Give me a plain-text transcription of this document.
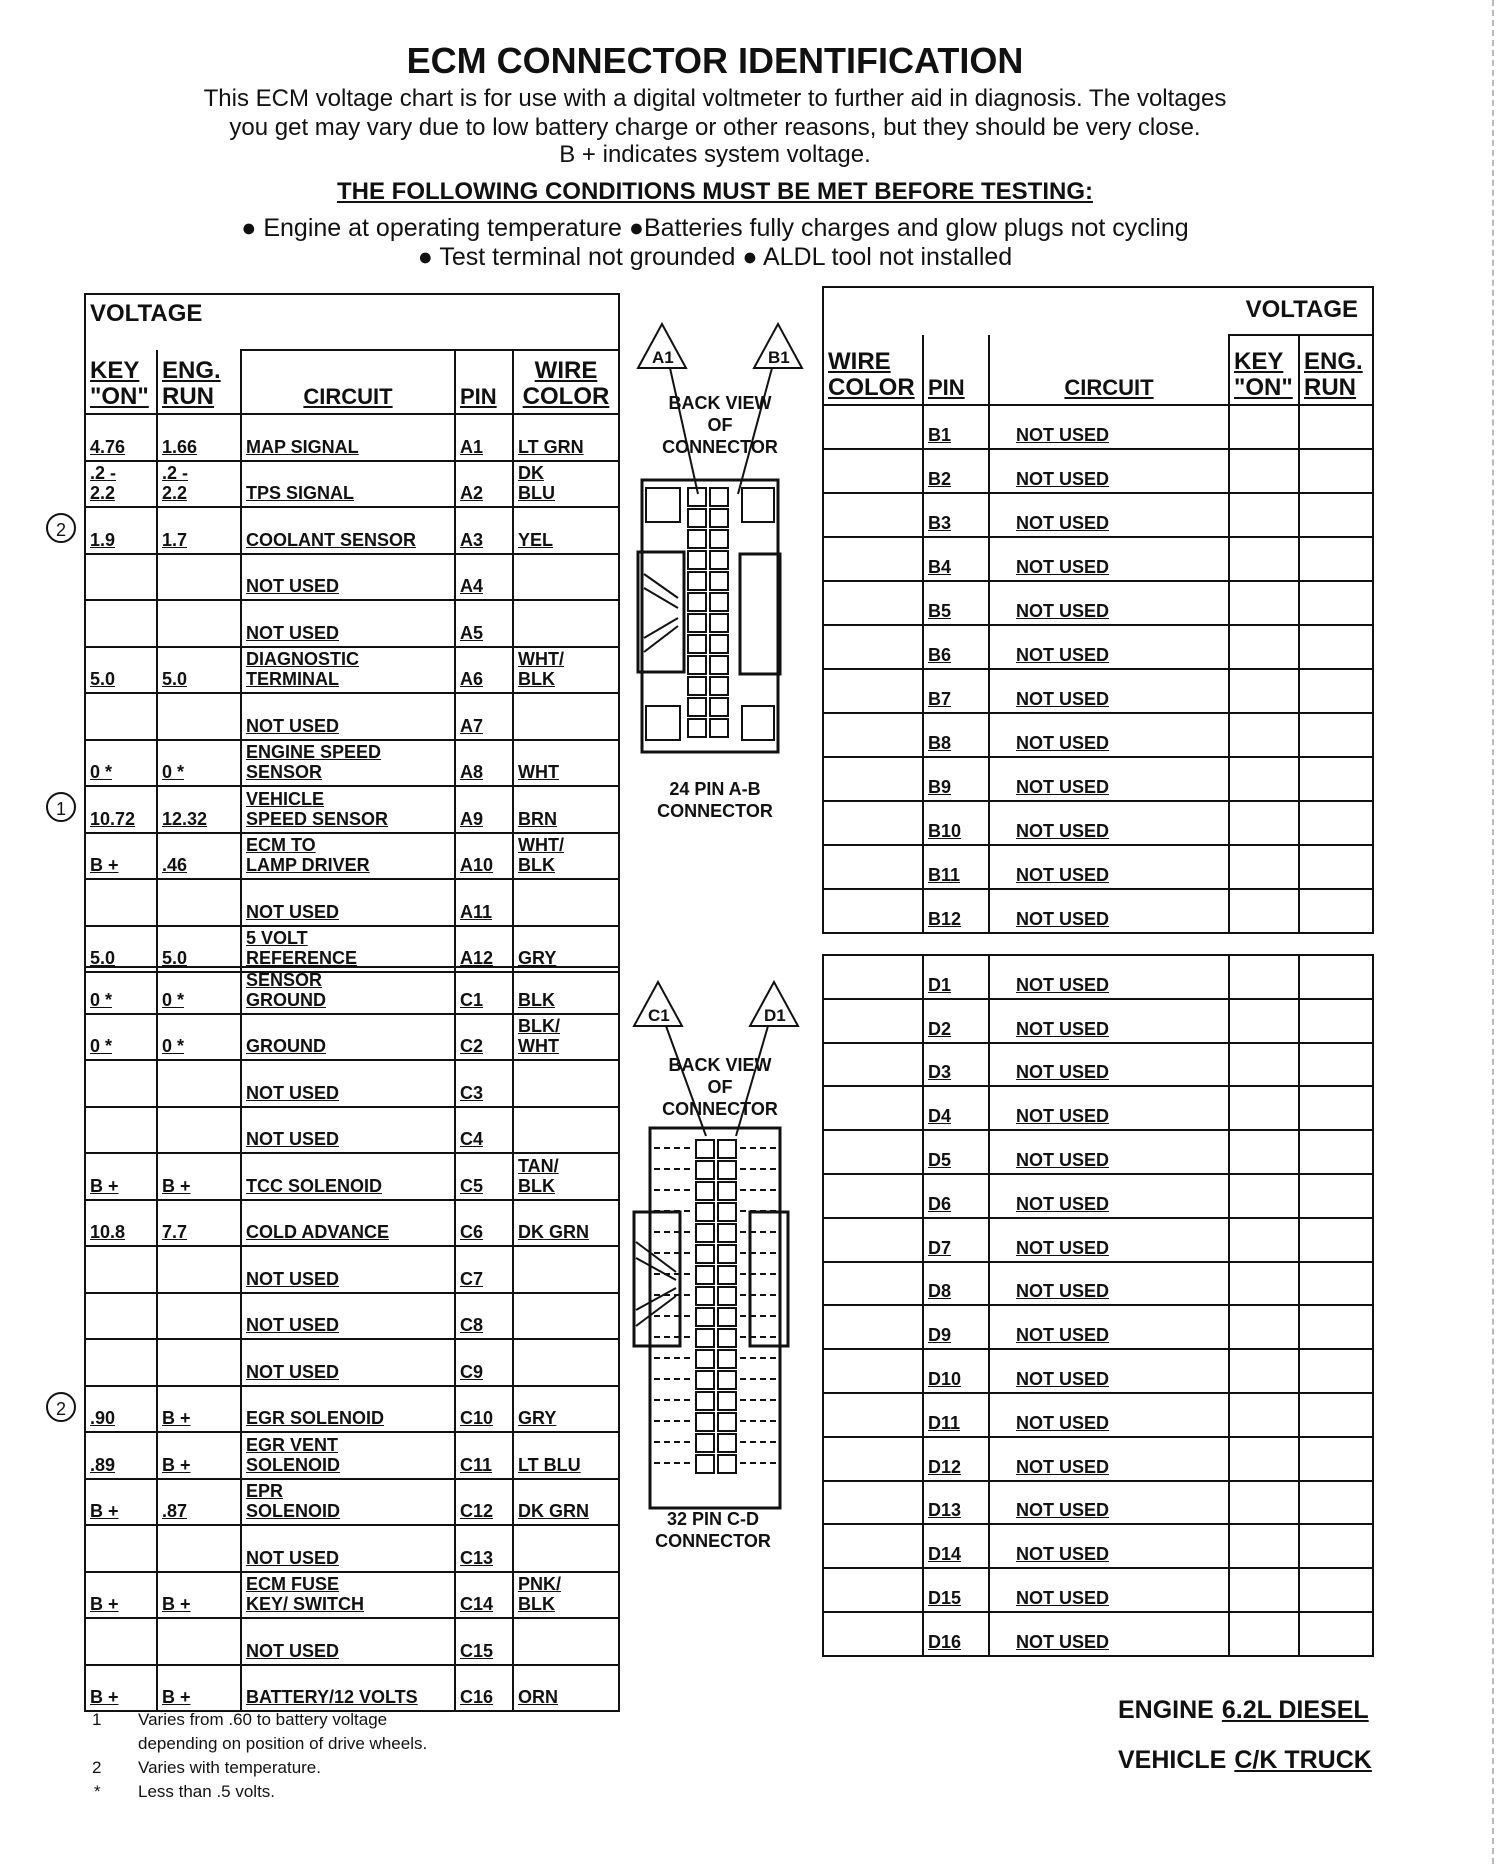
ECM CONNECTOR IDENTIFICATION
This ECM voltage chart is for use with a digital voltmeter to further aid in diagnosis. The voltages
you get may vary due to low battery charge or other reasons, but they should be very close.
B + indicates system voltage.
THE FOLLOWING CONDITIONS MUST BE MET BEFORE TESTING:
● Engine at operating temperature ●Batteries fully charges and glow plugs not cycling
● Test terminal not grounded ● ALDL tool not installed
VOLTAGE				
KEY "ON"	ENG. RUN	CIRCUIT	PIN	WIRE COLOR
4.76	1.66	MAP SIGNAL	A1	LT GRN
.2 -
2.2	.2 -
2.2	TPS SIGNAL	A2	DK
BLU
1.9	1.7	COOLANT SENSOR	A3	YEL
		NOT USED	A4	
		NOT USED	A5	
5.0	5.0	DIAGNOSTIC
TERMINAL	A6	WHT/
BLK
		NOT USED	A7	
0 *	0 *	ENGINE SPEED
SENSOR	A8	WHT
10.72	12.32	VEHICLE
SPEED SENSOR	A9	BRN
B +	.46	ECM TO
LAMP DRIVER	A10	WHT/
BLK
		NOT USED	A11	
5.0	5.0	5 VOLT
REFERENCE	A12	GRY
0 *	0 *	SENSOR
GROUND	C1	BLK
0 *	0 *	GROUND	C2	BLK/
WHT
		NOT USED	C3	
		NOT USED	C4	
B +	B +	TCC SOLENOID	C5	TAN/
BLK
10.8	7.7	COLD ADVANCE	C6	DK GRN
		NOT USED	C7	
		NOT USED	C8	
		NOT USED	C9	
.90	B +	EGR SOLENOID	C10	GRY
.89	B +	EGR VENT
SOLENOID	C11	LT BLU
B +	.87	EPR
SOLENOID	C12	DK GRN
		NOT USED	C13	
B +	B +	ECM FUSE
KEY/ SWITCH	C14	PNK/
BLK
		NOT USED	C15	
B +	B +	BATTERY/12 VOLTS	C16	ORN
VOLTAGE				
WIRE COLOR	PIN	CIRCUIT	KEY "ON"	ENG. RUN
	B1	NOT USED		
	B2	NOT USED		
	B3	NOT USED		
	B4	NOT USED		
	B5	NOT USED		
	B6	NOT USED		
	B7	NOT USED		
	B8	NOT USED		
	B9	NOT USED		
	B10	NOT USED		
	B11	NOT USED		
	B12	NOT USED		
	D1	NOT USED		
	D2	NOT USED		
	D3	NOT USED		
	D4	NOT USED		
	D5	NOT USED		
	D6	NOT USED		
	D7	NOT USED		
	D8	NOT USED		
	D9	NOT USED		
	D10	NOT USED		
	D11	NOT USED		
	D12	NOT USED		
	D13	NOT USED		
	D14	NOT USED		
	D15	NOT USED		
	D16	NOT USED		
A1	B1
BACK VIEW
OF
CONNECTOR
24 PIN A-B
CONNECTOR
C1	D1
BACK VIEW
OF
CONNECTOR
32 PIN C-D
CONNECTOR
1 Varies from .60 to battery voltage
depending on position of drive wheels.
2 Varies with temperature.
* Less than .5 volts.
ENGINE 6.2L DIESEL
VEHICLE C/K TRUCK
2
1
2
